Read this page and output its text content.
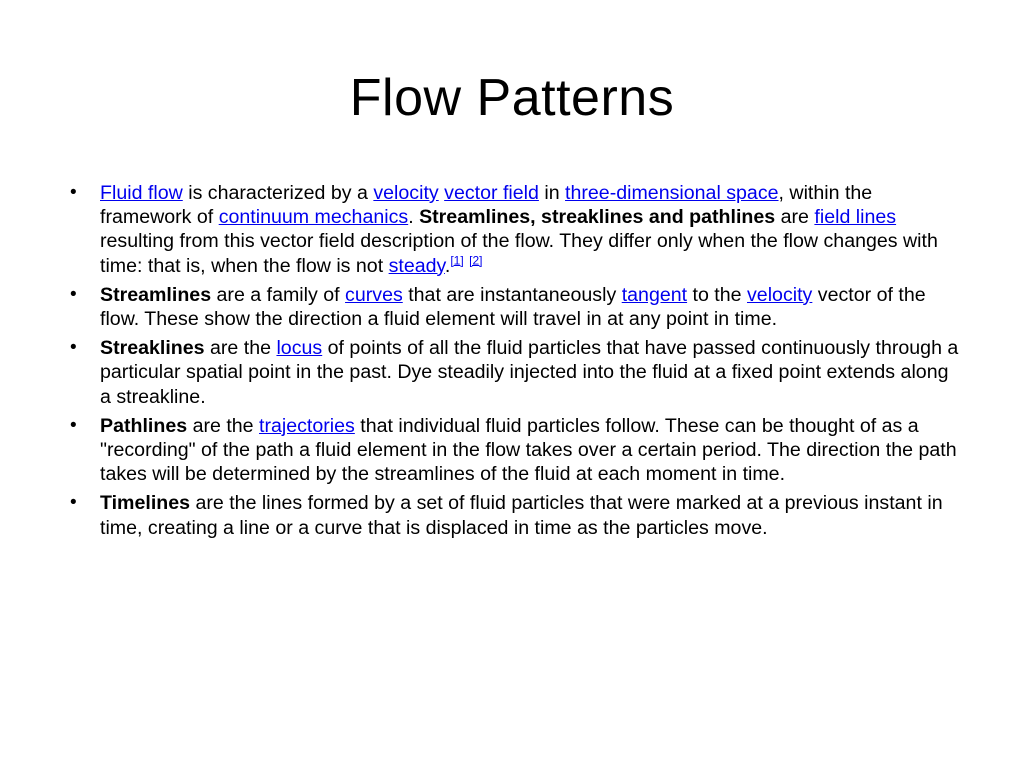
Flow Patterns
• Fluid flow is characterized by a velocity vector field in three-dimensional space, within the framework of continuum mechanics. Streamlines, streaklines and pathlines are field lines resulting from this vector field description of the flow. They differ only when the flow changes with time: that is, when the flow is not steady.[1] [2]
• Streamlines are a family of curves that are instantaneously tangent to the velocity vector of the flow. These show the direction a fluid element will travel in at any point in time.
• Streaklines are the locus of points of all the fluid particles that have passed continuously through a particular spatial point in the past. Dye steadily injected into the fluid at a fixed point extends along a streakline.
• Pathlines are the trajectories that individual fluid particles follow. These can be thought of as a "recording" of the path a fluid element in the flow takes over a certain period. The direction the path takes will be determined by the streamlines of the fluid at each moment in time.
• Timelines are the lines formed by a set of fluid particles that were marked at a previous instant in time, creating a line or a curve that is displaced in time as the particles move.
